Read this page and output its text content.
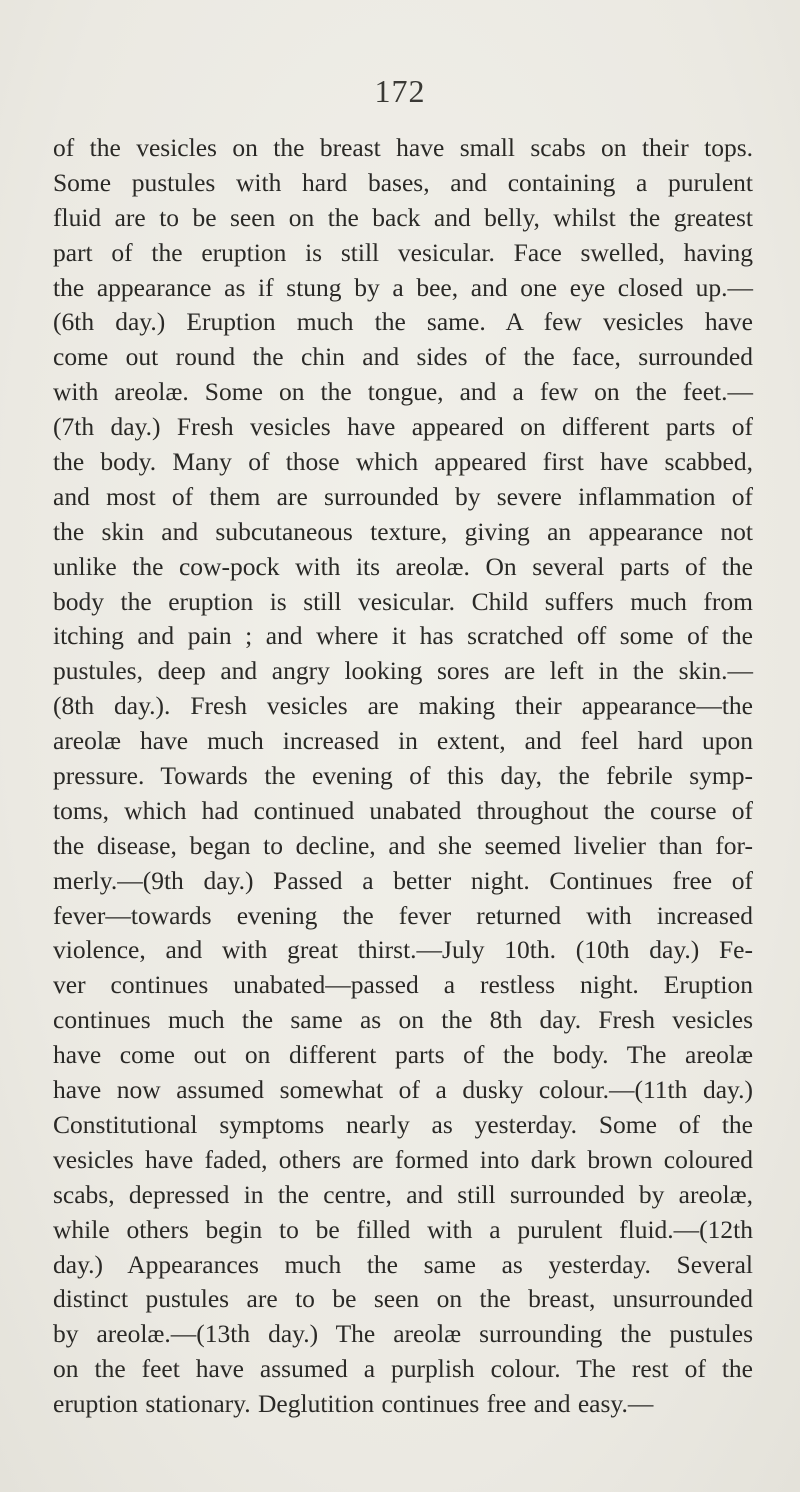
172
of the vesicles on the breast have small scabs on their tops.
Some pustules with hard bases, and containing a purulent
fluid are to be seen on the back and belly, whilst the greatest
part of the eruption is still vesicular. Face swelled, having
the appearance as if stung by a bee, and one eye closed up.—
(6th day.) Eruption much the same. A few vesicles have
come out round the chin and sides of the face, surrounded
with areolæ. Some on the tongue, and a few on the feet.—
(7th day.) Fresh vesicles have appeared on different parts of
the body. Many of those which appeared first have scabbed,
and most of them are surrounded by severe inflammation of
the skin and subcutaneous texture, giving an appearance not
unlike the cow-pock with its areolæ. On several parts of the
body the eruption is still vesicular. Child suffers much from
itching and pain ; and where it has scratched off some of the
pustules, deep and angry looking sores are left in the skin.—
(8th day.). Fresh vesicles are making their appearance—the
areolæ have much increased in extent, and feel hard upon
pressure. Towards the evening of this day, the febrile symp-
toms, which had continued unabated throughout the course of
the disease, began to decline, and she seemed livelier than for-
merly.—(9th day.) Passed a better night. Continues free of
fever—towards evening the fever returned with increased
violence, and with great thirst.—July 10th. (10th day.) Fe-
ver continues unabated—passed a restless night. Eruption
continues much the same as on the 8th day. Fresh vesicles
have come out on different parts of the body. The areolæ
have now assumed somewhat of a dusky colour.—(11th day.)
Constitutional symptoms nearly as yesterday. Some of the
vesicles have faded, others are formed into dark brown coloured
scabs, depressed in the centre, and still surrounded by areolæ,
while others begin to be filled with a purulent fluid.—(12th
day.) Appearances much the same as yesterday. Several
distinct pustules are to be seen on the breast, unsurrounded
by areolæ.—(13th day.) The areolæ surrounding the pustules
on the feet have assumed a purplish colour. The rest of the
eruption stationary. Deglutition continues free and easy.—
